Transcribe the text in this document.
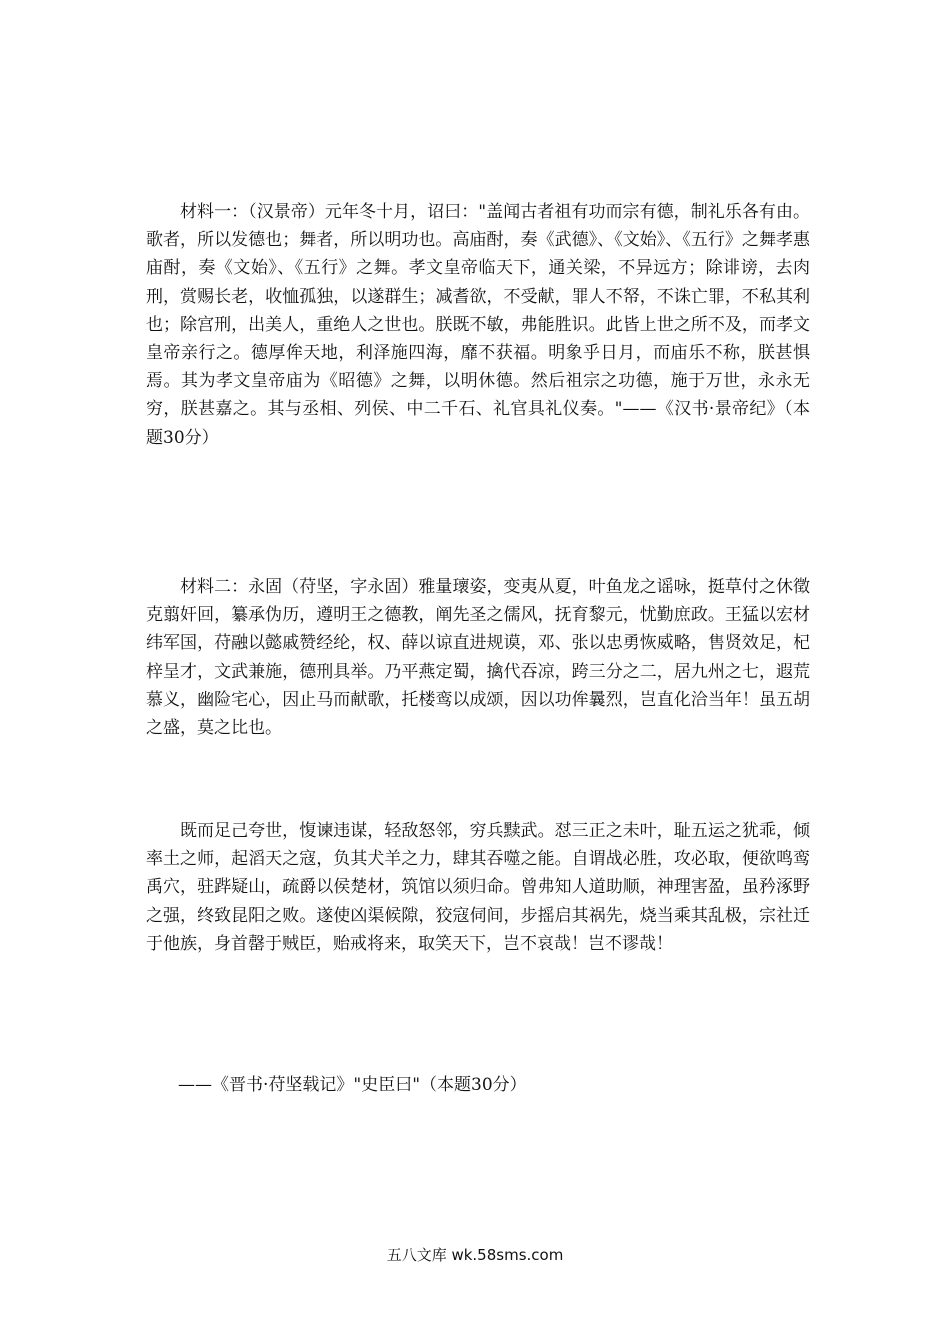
材料一：（汉景帝）元年冬十月，诏曰："盖闻古者祖有功而宗有德，制礼乐各有由。歌者，所以发德也；舞者，所以明功也。高庙酎，奏《武德》、《文始》、《五行》之舞孝惠庙酎，奏《文始》、《五行》之舞。孝文皇帝临天下，通关梁，不异远方；除诽谤，去肉刑，赏赐长老，收恤孤独，以遂群生；减耆欲，不受献，罪人不帑，不诛亡罪，不私其利也；除宫刑，出美人，重绝人之世也。朕既不敏，弗能胜识。此皆上世之所不及，而孝文皇帝亲行之。德厚侔天地，利泽施四海，靡不获福。明象乎日月，而庙乐不称，朕甚惧焉。其为孝文皇帝庙为《昭德》之舞，以明休德。然后祖宗之功德，施于万世，永永无穷，朕甚嘉之。其与丞相、列侯、中二千石、礼官具礼仪奏。"——《汉书·景帝纪》（本题30分）

材料二：永固（苻坚，字永固）雅量瓌姿，变夷从夏，叶鱼龙之谣咏，挺草付之休徵克翦奸回，纂承伪历，遵明王之德教，阐先圣之儒风，抚育黎元，忧勤庶政。王猛以宏材纬军国，苻融以懿戚赞经纶，权、薛以谅直进规谟，邓、张以忠勇恢威略，售贤效足，杞梓呈才，文武兼施，德刑具举。乃平燕定蜀，擒代吞凉，跨三分之二，居九州之七，遐荒慕义，幽险宅心，因止马而献歌，托楼鸾以成颂，因以功侔曩烈，岂直化洽当年！虽五胡之盛，莫之比也。

既而足己夸世，愎谏违谋，轻敌怒邻，穷兵黩武。怼三正之未叶，耻五运之犹乖，倾率土之师，起滔天之寇，负其犬羊之力，肆其吞噬之能。自谓战必胜，攻必取，便欲鸣鸾禹穴，驻跸疑山，疏爵以侯楚材，筑馆以须归命。曾弗知人道助顺，神理害盈，虽矜涿野之强，终致昆阳之败。遂使凶渠候隙，狡寇伺间，步摇启其祸先，烧当乘其乱极，宗社迁于他族，身首罄于贼臣，贻戒将来，取笑天下，岂不哀哉！岂不谬哉！

——《晋书·苻坚载记》"史臣曰"（本题30分）

五八文库 wk.58sms.com
